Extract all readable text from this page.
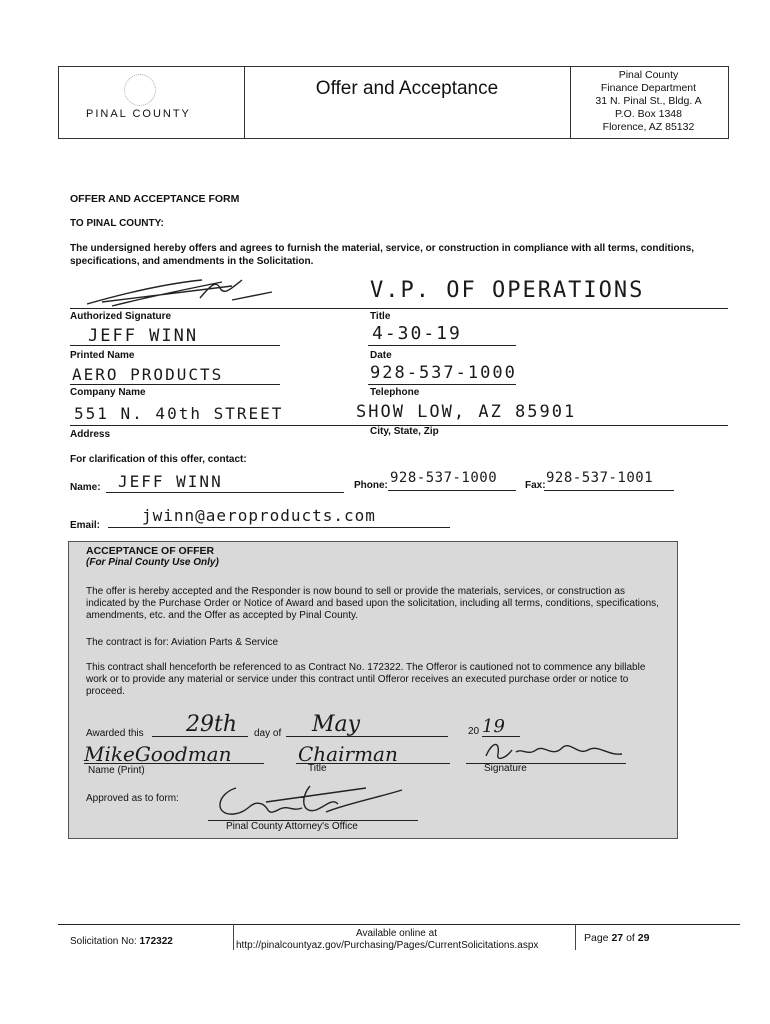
PINAL COUNTY
Offer and Acceptance
Pinal County
Finance Department
31 N. Pinal St., Bldg. A
P.O. Box 1348
Florence, AZ 85132
OFFER AND ACCEPTANCE FORM
TO PINAL COUNTY:
The undersigned hereby offers and agrees to furnish the material, service, or construction in compliance with all terms, conditions, specifications, and amendments in the Solicitation.
V.P. OF OPERATIONS
Authorized Signature	Title
JEFF WINN	4-30-19
Printed Name	Date
AERO PRODUCTS	928-537-1000
Company Name	Telephone
551 N. 40th STREET	SHOW LOW, AZ 85901
Address	City, State, Zip
For clarification of this offer, contact:
Name: JEFF WINN	Phone: 928-537-1000	Fax: 928-537-1001
Email:
jwinn@aeroproducts.com
ACCEPTANCE OF OFFER
(For Pinal County Use Only)
The offer is hereby accepted and the Responder is now bound to sell or provide the materials, services, or construction as indicated by the Purchase Order or Notice of Award and based upon the solicitation, including all terms, conditions, specifications, amendments, etc. and the Offer as accepted by Pinal County.
The contract is for: Aviation Parts & Service
This contract shall henceforth be referenced to as Contract No. 172322. The Offeror is cautioned not to commence any billable work or to provide any material or service under this contract until Offeror receives an executed purchase order or notice to proceed.
Awarded this 29th day of May	20 19
MikeGoodman	Chairman
Name (Print)	Title	Signature
Approved as to form:
Pinal County Attorney's Office
Solicitation No: 172322
Available online at
http://pinalcountyaz.gov/Purchasing/Pages/CurrentSolicitations.aspx
Page 27 of 29
